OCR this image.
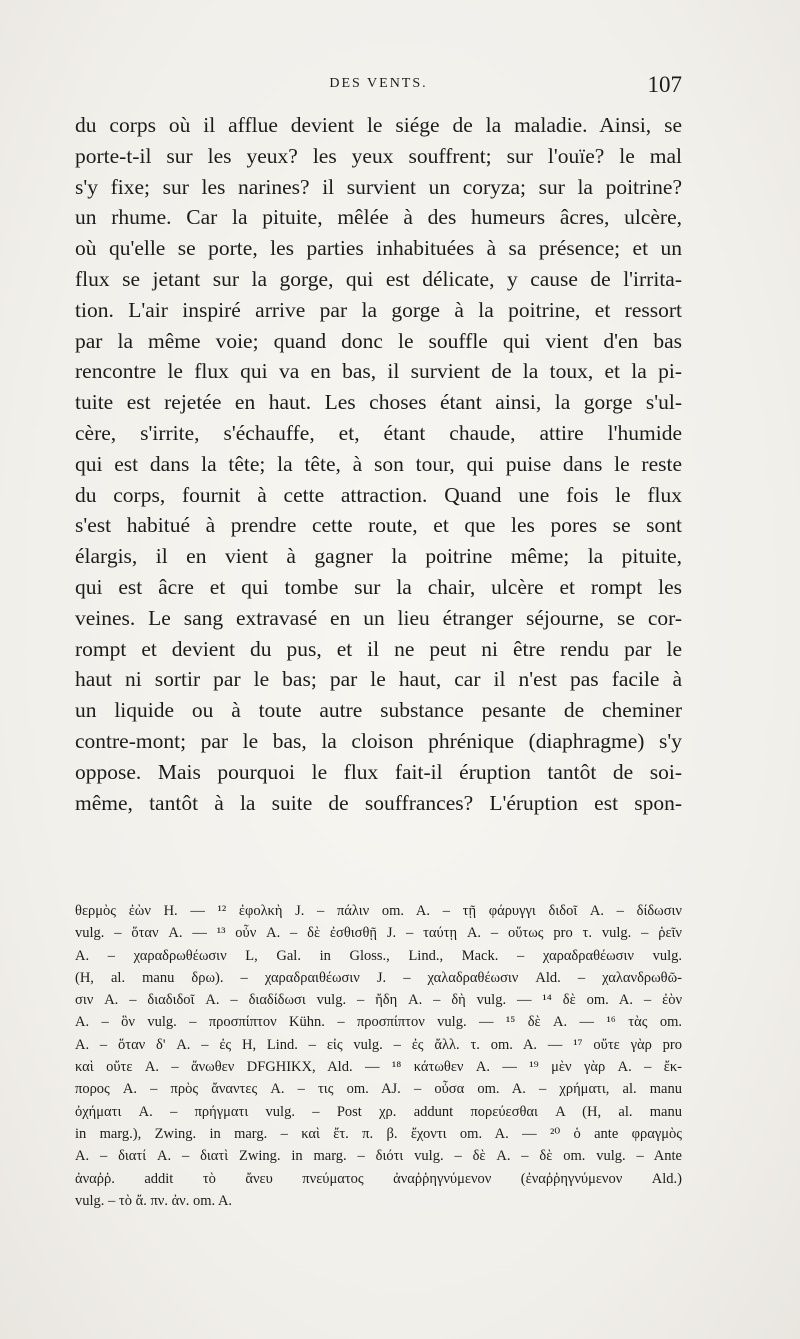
DES VENTS.	107

du corps où il afflue devient le siége de la maladie. Ainsi, se

porte-t-il sur les yeux? les yeux souffrent; sur l'ouïe? le mal

s'y fixe; sur les narines? il survient un coryza; sur la poitrine?

un rhume. Car la pituite, mêlée à des humeurs âcres, ulcère,

où qu'elle se porte, les parties inhabituées à sa présence; et un

flux se jetant sur la gorge, qui est délicate, y cause de l'irrita-

tion. L'air inspiré arrive par la gorge à la poitrine, et ressort

par la même voie; quand donc le souffle qui vient d'en bas

rencontre le flux qui va en bas, il survient de la toux, et la pi-

tuite est rejetée en haut. Les choses étant ainsi, la gorge s'ul-

cère, s'irrite, s'échauffe, et, étant chaude, attire l'humide

qui est dans la tête; la tête, à son tour, qui puise dans le reste

du corps, fournit à cette attraction. Quand une fois le flux

s'est habitué à prendre cette route, et que les pores se sont

élargis, il en vient à gagner la poitrine même; la pituite,

qui est âcre et qui tombe sur la chair, ulcère et rompt les

veines. Le sang extravasé en un lieu étranger séjourne, se cor-

rompt et devient du pus, et il ne peut ni être rendu par le

haut ni sortir par le bas; par le haut, car il n'est pas facile à

un liquide ou à toute autre substance pesante de cheminer

contre-mont; par le bas, la cloison phrénique (diaphragme) s'y

oppose. Mais pourquoi le flux fait-il éruption tantôt de soi-

même, tantôt à la suite de souffrances? L'éruption est spon-

θερμὸς ἐὼν H. — ¹² ἐφολκὴ J. – πάλιν om. A. – τῇ φάρυγγι διδοῖ A. – δίδωσιν

vulg. – ὅταν A. — ¹³ οὖν A. – δὲ ἐσθισθῇ J. – ταύτῃ A. – οὕτως pro τ. vulg. – ῥεῖν

A. – χαραδρωθέωσιν L, Gal. in Gloss., Lind., Mack. – χαραδραθέωσιν vulg.

(H, al. manu δρω). – χαραδραιθέωσιν J. – χαλαδραθέωσιν Ald. – χαλανδρωθῶ-

σιν A. – διαδιδοῖ A. – διαδίδωσι vulg. – ἤδη A. – δὴ vulg. — ¹⁴ δὲ om. A. – ἐὸν

A. – ὃν vulg. – προσπίπτον Kühn. – προσπίπτον vulg. — ¹⁵ δὲ A. — ¹⁶ τὰς om.

A. – ὅταν δ' A. – ἐς H, Lind. – εἰς vulg. – ἐς ἄλλ. τ. om. A. — ¹⁷ οὔτε γὰρ pro

καὶ οὔτε A. – ἄνωθεν DFGHIKX, Ald. — ¹⁸ κάτωθεν A. — ¹⁹ μὲν γὰρ A. – ἔκ-

πορος A. – πρὸς ἄναντες A. – τις om. AJ. – οὖσα om. A. – χρήματι, al. manu

ὀχήματι A. – πρήγματι vulg. – Post χρ. addunt πορεύεσθαι A (H, al. manu

in marg.), Zwing. in marg. – καὶ ἔτ. π. β. ἔχοντι om. A. — ²⁰ ὁ ante φραγμὸς

A. – διατί A. – διατὶ Zwing. in marg. – διότι vulg. – δὲ A. – δὲ om. vulg. – Ante

ἀναῤῥ. addit τὸ ἄνευ πνεύματος ἀναῤῥηγνύμενον (ἐναῤῥηγνύμενον Ald.)

vulg. – τὸ ἄ. πν. ἀν. om. A.
